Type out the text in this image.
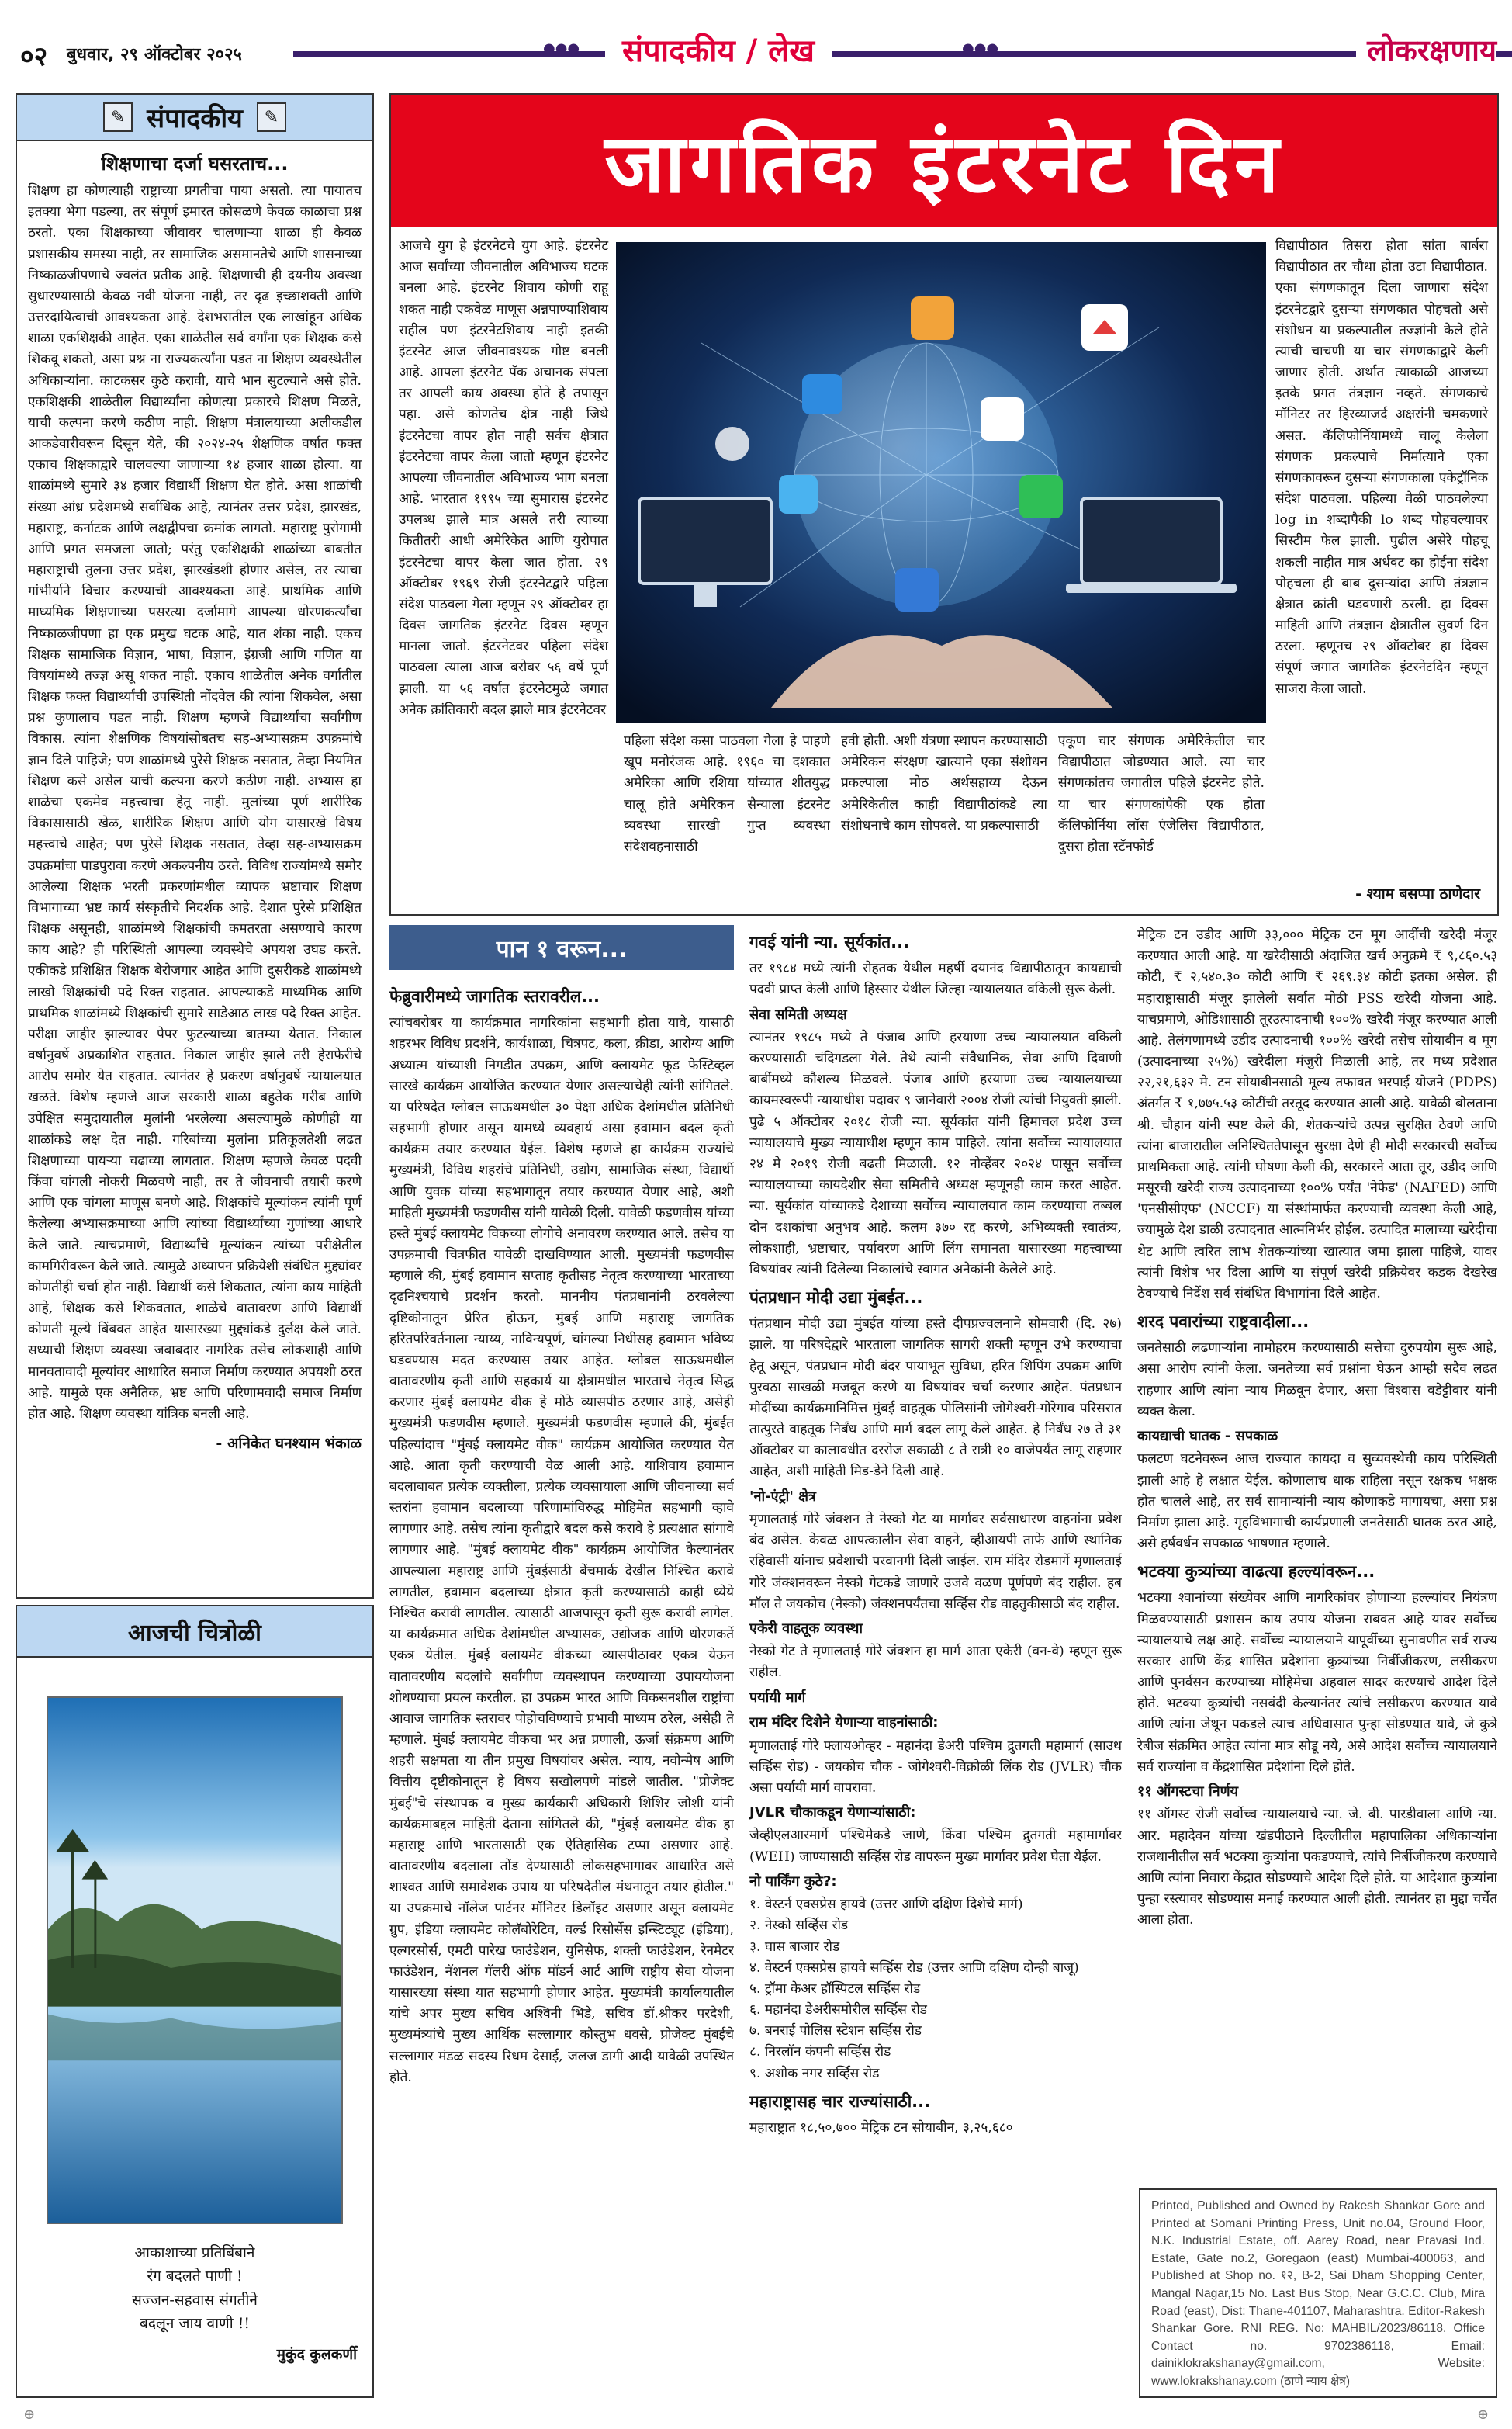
०२ बुधवार, २९ ऑक्टोबर २०२५	●●●	●●●
संपादकीय / लेख	लोकरक्षणाय
✎ संपादकीय	✎
शिक्षणाचा दर्जा घसरताच...
शिक्षण हा कोणत्याही राष्ट्राच्या प्रगतीचा पाया असतो. त्या पायातच इतक्या भेगा पडल्या, तर संपूर्ण इमारत कोसळणे केवळ काळाचा प्रश्न ठरतो. एका शिक्षकाच्या जीवावर चालणाऱ्या शाळा ही केवळ प्रशासकीय समस्या नाही, तर सामाजिक असमानतेचे आणि शासनाच्या निष्काळजीपणाचे ज्वलंत प्रतीक आहे. शिक्षणाची ही दयनीय अवस्था सुधारण्यासाठी केवळ नवी योजना नाही, तर दृढ इच्छाशक्ती आणि उत्तरदायित्वाची आवश्यकता आहे. देशभरातील एक लाखांहून अधिक शाळा एकशिक्षकी आहेत. एका शाळेतील सर्व वर्गांना एक शिक्षक कसे शिकवू शकतो, असा प्रश्न ना राज्यकर्त्यांना पडत ना शिक्षण व्यवस्थेतील अधिकाऱ्यांना. काटकसर कुठे करावी, याचे भान सुटल्याने असे होते. एकशिक्षकी शाळेतील विद्यार्थ्यांना कोणत्या प्रकारचे शिक्षण मिळते, याची कल्पना करणे कठीण नाही. शिक्षण मंत्रालयाच्या अलीकडील आकडेवारीवरून दिसून येते, की २०२४-२५ शैक्षणिक वर्षात फक्त एकाच शिक्षकाद्वारे चालवल्या जाणाऱ्या १४ हजार शाळा होत्या. या शाळांमध्ये सुमारे ३४ हजार विद्यार्थी शिक्षण घेत होते. असा शाळांची संख्या आंध्र प्रदेशमध्ये सर्वाधिक आहे, त्यानंतर उत्तर प्रदेश, झारखंड, महाराष्ट्र, कर्नाटक आणि लक्षद्वीपचा क्रमांक लागतो. महाराष्ट्र पुरोगामी आणि प्रगत समजला जातो; परंतु एकशिक्षकी शाळांच्या बाबतीत महाराष्ट्राची तुलना उत्तर प्रदेश, झारखंडशी होणार असेल, तर त्याचा गांभीर्याने विचार करण्याची आवश्यकता आहे. प्राथमिक आणि माध्यमिक शिक्षणाच्या पसरत्या दर्जामागे आपल्या धोरणकर्त्यांचा निष्काळजीपणा हा एक प्रमुख घटक आहे, यात शंका नाही. एकच शिक्षक सामाजिक विज्ञान, भाषा, विज्ञान, इंग्रजी आणि गणित या विषयांमध्ये तज्ज्ञ असू शकत नाही. एकाच शाळेतील अनेक वर्गातील शिक्षक फक्त विद्यार्थ्यांची उपस्थिती नोंदवेल की त्यांना शिकवेल, असा प्रश्न कुणालाच पडत नाही. शिक्षण म्हणजे विद्यार्थ्यांचा सर्वांगीण विकास. त्यांना शैक्षणिक विषयांसोबतच सह-अभ्यासक्रम उपक्रमांचे ज्ञान दिले पाहिजे; पण शाळांमध्ये पुरेसे शिक्षक नसतात, तेव्हा नियमित शिक्षण कसे असेल याची कल्पना करणे कठीण नाही. अभ्यास हा शाळेचा एकमेव महत्त्वाचा हेतू नाही. मुलांच्या पूर्ण शारीरिक विकासासाठी खेळ, शारीरिक शिक्षण आणि योग यासारखे विषय महत्त्वाचे आहेत; पण पुरेसे शिक्षक नसतात, तेव्हा सह-अभ्यासक्रम उपक्रमांचा पाडपुरावा करणे अकल्पनीय ठरते. विविध राज्यांमध्ये समोर आलेल्या शिक्षक भरती प्रकरणांमधील व्यापक भ्रष्टाचार शिक्षण विभागाच्या भ्रष्ट कार्य संस्कृतीचे निदर्शक आहे. देशात पुरेसे प्रशिक्षित शिक्षक असूनही, शाळांमध्ये शिक्षकांची कमतरता असण्याचे कारण काय आहे? ही परिस्थिती आपल्या व्यवस्थेचे अपयश उघड करते. एकीकडे प्रशिक्षित शिक्षक बेरोजगार आहेत आणि दुसरीकडे शाळांमध्ये लाखो शिक्षकांची पदे रिक्त राहतात. आपल्याकडे माध्यमिक आणि प्राथमिक शाळांमध्ये शिक्षकांची सुमारे साडेआठ लाख पदे रिक्त आहेत. परीक्षा जाहीर झाल्यावर पेपर फुटल्याच्या बातम्या येतात. निकाल वर्षानुवर्षे अप्रकाशित राहतात. निकाल जाहीर झाले तरी हेराफेरीचे आरोप समोर येत राहतात. त्यानंतर हे प्रकरण वर्षानुवर्षे न्यायालयात खळते. विशेष म्हणजे आज सरकारी शाळा बहुतेक गरीब आणि उपेक्षित समुदायातील मुलांनी भरलेल्या असल्यामुळे कोणीही या शाळांकडे लक्ष देत नाही. गरिबांच्या मुलांना प्रतिकूलतेशी लढत शिक्षणाच्या पायऱ्या चढाव्या लागतात. शिक्षण म्हणजे केवळ पदवी किंवा चांगली नोकरी मिळवणे नाही, तर ते जीवनाची तयारी करणे आणि एक चांगला माणूस बनणे आहे. शिक्षकांचे मूल्यांकन त्यांनी पूर्ण केलेल्या अभ्यासक्रमाच्या आणि त्यांच्या विद्यार्थ्यांच्या गुणांच्या आधारे केले जाते. त्याचप्रमाणे, विद्यार्थ्यांचे मूल्यांकन त्यांच्या परीक्षेतील कामगिरीवरून केले जाते. त्यामुळे अध्यापन प्रक्रियेशी संबंधित मुद्द्यांवर कोणतीही चर्चा होत नाही. विद्यार्थी कसे शिकतात, त्यांना काय माहिती आहे, शिक्षक कसे शिकवतात, शाळेचे वातावरण आणि विद्यार्थी कोणती मूल्ये बिंबवत आहेत यासारख्या मुद्द्यांकडे दुर्लक्ष केले जाते. सध्याची शिक्षण व्यवस्था जबाबदार नागरिक तसेच लोकशाही आणि मानवतावादी मूल्यांवर आधारित समाज निर्माण करण्यात अपयशी ठरत आहे. यामुळे एक अनैतिक, भ्रष्ट आणि परिणामवादी समाज निर्माण होत आहे. शिक्षण व्यवस्था यांत्रिक बनली आहे.
- अनिकेत घनश्याम भंकाळ
आजची चित्रोळी
आकाशाच्या प्रतिबिंबाने
रंग बदलते पाणी !
सज्जन-सहवास संगतीने
बदलून जाय वाणी !!
मुकुंद कुलकर्णी
जागतिक इंटरनेट दिन
आजचे युग हे इंटरनेटचे युग आहे. इंटरनेट आज सर्वांच्या जीवनातील अविभाज्य घटक बनला आहे. इंटरनेट शिवाय कोणी राहू शकत नाही एकवेळ माणूस अन्नपाण्याशिवाय राहील पण इंटरनेटशिवाय नाही इतकी इंटरनेट आज जीवनावश्यक गोष्ट बनली आहे. आपला इंटरनेट पॅक अचानक संपला तर आपली काय अवस्था होते हे तपासून पहा. असे कोणतेच क्षेत्र नाही जिथे इंटरनेटचा वापर होत नाही सर्वच क्षेत्रात इंटरनेटचा वापर केला जातो म्हणून इंटरनेट आपल्या जीवनातील अविभाज्य भाग बनला आहे. भारतात १९९५ च्या सुमारास इंटरनेट उपलब्ध झाले मात्र असले तरी त्याच्या कितीतरी आधी अमेरिकेत आणि युरोपात इंटरनेटचा वापर केला जात होता. २९ ऑक्टोबर १९६९ रोजी इंटरनेटद्वारे पहिला संदेश पाठवला गेला म्हणून २९ ऑक्टोबर हा दिवस जागतिक इंटरनेट दिवस म्हणून मानला जातो. इंटरनेटवर पहिला संदेश पाठवला त्याला आज बरोबर ५६ वर्षे पूर्ण झाली. या ५६ वर्षात इंटरनेटमुळे जगात अनेक क्रांतिकारी बदल झाले मात्र इंटरनेटवर
विद्यापीठात तिसरा होता सांता बार्बरा विद्यापीठात तर चौथा होता उटा विद्यापीठात. एका संगणकातून दिला जाणारा संदेश इंटरनेटद्वारे दुसऱ्या संगणकात पोहचतो असे संशोधन या प्रकल्पातील तज्ज्ञांनी केले होते त्याची चाचणी या चार संगणकाद्वारे केली जाणार होती. अर्थात त्याकाळी आजच्या इतके प्रगत तंत्रज्ञान नव्हते. संगणकाचे मॉनिटर तर हिरव्याजर्द अक्षरांनी चमकणारे असत. कॅलिफोर्नियामध्ये चालू केलेला संगणक प्रकल्पाचे निर्मात्याने एका संगणकावरून दुसऱ्या संगणकाला एकेट्रॉनिक संदेश पाठवला. पहिल्या वेळी पाठवलेल्या log in शब्दापैकी lo शब्द पोहचल्यावर सिस्टीम फेल झाली. पुढील असेरे पोहचू शकली नाहीत मात्र अर्धवट का होईना संदेश पोहचला ही बाब दुसऱ्यांदा आणि तंत्रज्ञान क्षेत्रात क्रांती घडवणारी ठरली. हा दिवस माहिती आणि तंत्रज्ञान क्षेत्रातील सुवर्ण दिन ठरला. म्हणूनच २९ ऑक्टोबर हा दिवस संपूर्ण जगात जागतिक इंटरनेटदिन म्हणून साजरा केला जातो.
पहिला संदेश कसा पाठवला गेला हे पाहणे खूप मनोरंजक आहे. १९६० चा दशकात अमेरिका आणि रशिया यांच्यात शीतयुद्ध चालू होते अमेरिकन सैन्याला इंटरनेट व्यवस्था सारखी गुप्त व्यवस्था संदेशवहनासाठी
हवी होती. अशी यंत्रणा स्थापन करण्यासाठी अमेरिकन संरक्षण खात्याने एका संशोधन प्रकल्पाला मोठ अर्थसहाय्य देऊन अमेरिकेतील काही विद्यापीठांकडे त्या संशोधनाचे काम सोपवले. या प्रकल्पासाठी
एकूण चार संगणक अमेरिकेतील चार विद्यापीठात जोडण्यात आले. त्या चार संगणकांतच जगातील पहिले इंटरनेट होते. या चार संगणकांपैकी एक होता कॅलिफोर्निया लॉस एंजेलिस विद्यापीठात, दुसरा होता स्टॅनफोर्ड
- श्याम बसप्पा ठाणेदार
पान १ वरून...
फेब्रुवारीमध्ये जागतिक स्तरावरील...

त्यांचबरोबर या कार्यक्रमात नागरिकांना सहभागी होता यावे, यासाठी शहरभर विविध प्रदर्शने, कार्यशाळा, चित्रपट, कला, क्रीडा, आरोग्य आणि अध्यात्म यांच्याशी निगडीत उपक्रम, आणि क्लायमेट फूड फेस्टिव्हल सारखे कार्यक्रम आयोजित करण्यात येणार असल्याचेही त्यांनी सांगितले. या परिषदेत ग्लोबल साऊथमधील ३० पेक्षा अधिक देशांमधील प्रतिनिधी सहभागी होणार असून यामध्ये व्यवहार्य असा हवामान बदल कृती कार्यक्रम तयार करण्यात येईल. विशेष म्हणजे हा कार्यक्रम राज्यांचे मुख्यमंत्री, विविध शहरांचे प्रतिनिधी, उद्योग, सामाजिक संस्था, विद्यार्थी आणि युवक यांच्या सहभागातून तयार करण्यात येणार आहे, अशी माहिती मुख्यमंत्री फडणवीस यांनी यावेळी दिली. यावेळी फडणवीस यांच्या हस्ते मुंबई क्लायमेट विकच्या लोगोचे अनावरण करण्यात आले. तसेच या उपक्रमाची चित्रफीत यावेळी दाखविण्यात आली. मुख्यमंत्री फडणवीस म्हणाले की, मुंबई हवामान सप्ताह कृतीसह नेतृत्व करण्याच्या भारताच्या दृढनिश्चयाचे प्रदर्शन करतो. माननीय पंतप्रधानांनी ठरवलेल्या दृष्टिकोनातून प्रेरित होऊन, मुंबई आणि महाराष्ट्र जागतिक हरितपरिवर्तनाला न्याय्य, नाविन्यपूर्ण, चांगल्या निधीसह हवामान भविष्य घडवण्यास मदत करण्यास तयार आहेत. ग्लोबल साऊथमधील वातावरणीय कृती आणि सहकार्य या क्षेत्रामधील भारताचे नेतृत्व सिद्ध करणार मुंबई क्लायमेट वीक हे मोठे व्यासपीठ ठरणार आहे, असेही मुख्यमंत्री फडणवीस म्हणाले. मुख्यमंत्री फडणवीस म्हणाले की, मुंबईत पहिल्यांदाच "मुंबई क्लायमेट वीक" कार्यक्रम आयोजित करण्यात येत आहे. आता कृती करण्याची वेळ आली आहे. याशिवाय हवामान बदलाबाबत प्रत्येक व्यक्तीला, प्रत्येक व्यवसायाला आणि जीवनाच्या सर्व स्तरांना हवामान बदलाच्या परिणामांविरुद्ध मोहिमेत सहभागी व्हावे लागणार आहे. तसेच त्यांना कृतीद्वारे बदल कसे करावे हे प्रत्यक्षात सांगावे लागणार आहे. "मुंबई क्लायमेट वीक" कार्यक्रम आयोजित केल्यानंतर आपल्याला महाराष्ट्र आणि मुंबईसाठी बेंचमार्क देखील निश्चित करावे लागतील, हवामान बदलाच्या क्षेत्रात कृती करण्यासाठी काही ध्येये निश्चित करावी लागतील. त्यासाठी आजपासून कृती सुरू करावी लागेल. या कार्यक्रमात अधिक देशांमधील अभ्यासक, उद्योजक आणि धोरणकर्ते एकत्र येतील. मुंबई क्लायमेट वीकच्या व्यासपीठावर एकत्र येऊन वातावरणीय बदलांचे सर्वांगीण व्यवस्थापन करण्याच्या उपाययोजना शोधण्याचा प्रयत्न करतील. हा उपक्रम भारत आणि विकसनशील राष्ट्रांचा आवाज जागतिक स्तरावर पोहोचविण्याचे प्रभावी माध्यम ठरेल, असेही ते म्हणाले. मुंबई क्लायमेट वीकचा भर अन्न प्रणाली, ऊर्जा संक्रमण आणि शहरी सक्षमता या तीन प्रमुख विषयांवर असेल. न्याय, नवोन्मेष आणि वित्तीय दृष्टीकोनातून हे विषय सखोलपणे मांडले जातील. "प्रोजेक्ट मुंबई"चे संस्थापक व मुख्य कार्यकारी अधिकारी शिशिर जोशी यांनी कार्यक्रमाबद्दल माहिती देताना सांगितले की, "मुंबई क्लायमेट वीक हा महाराष्ट्र आणि भारतासाठी एक ऐतिहासिक टप्पा असणार आहे. वातावरणीय बदलाला तोंड देण्यासाठी लोकसहभागावर आधारित असे शाश्वत आणि समावेशक उपाय या परिषदेतील मंथनातून तयार होतील." या उपक्रमाचे नॉलेज पार्टनर मॉनिटर डिलॉइट असणार असून क्लायमेट ग्रुप, इंडिया क्लायमेट कोलॅबोरेटिव, वर्ल्ड रिसोर्सेस इन्स्टिट्यूट (इंडिया), एल्गरसोर्स, एमटी पारेख फाउंडेशन, युनिसेफ, शक्ती फाउंडेशन, रेनमेटर फाउंडेशन, नॅशनल गॅलरी ऑफ मॉडर्न आर्ट आणि राष्ट्रीय सेवा योजना यासारख्या संस्था यात सहभागी होणार आहेत. मुख्यमंत्री कार्यालयातील यांचे अपर मुख्य सचिव अश्विनी भिडे, सचिव डॉ.श्रीकर परदेशी, मुख्यमंत्र्यांचे मुख्य आर्थिक सल्लागार कौस्तुभ धवसे, प्रोजेक्ट मुंबईचे सल्लागार मंडळ सदस्य रिधम देसाई, जलज डागी आदी यावेळी उपस्थित होते.

गवई यांनी न्या. सूर्यकांत...

तर १९८४ मध्ये त्यांनी रोहतक येथील महर्षी दयानंद विद्यापीठातून कायद्याची पदवी प्राप्त केली आणि हिस्सार येथील जिल्हा न्यायालयात वकिली सुरू केली.

सेवा समिती अध्यक्ष

त्यानंतर १९८५ मध्ये ते पंजाब आणि हरयाणा उच्च न्यायालयात वकिली करण्यासाठी चंदिगडला गेले. तेथे त्यांनी संवैधानिक, सेवा आणि दिवाणी बाबींमध्ये कौशल्य मिळवले. पंजाब आणि हरयाणा उच्च न्यायालयाच्या कायमस्वरूपी न्यायाधीश पदावर ९ जानेवारी २००४ रोजी त्यांची नियुक्ती झाली. पुढे ५ ऑक्टोबर २०१८ रोजी न्या. सूर्यकांत यांनी हिमाचल प्रदेश उच्च न्यायालयाचे मुख्य न्यायाधीश म्हणून काम पाहिले. त्यांना सर्वोच्च न्यायालयात २४ मे २०१९ रोजी बढती मिळाली. १२ नोव्हेंबर २०२४ पासून सर्वोच्च न्यायालयाच्या कायदेशीर सेवा समितीचे अध्यक्ष म्हणूनही काम करत आहेत. न्या. सूर्यकांत यांच्याकडे देशाच्या सर्वोच्च न्यायालयात काम करण्याचा तब्बल दोन दशकांचा अनुभव आहे. कलम ३७० रद्द करणे, अभिव्यक्ती स्वातंत्र्य, लोकशाही, भ्रष्टाचार, पर्यावरण आणि लिंग समानता यासारख्या महत्त्वाच्या विषयांवर त्यांनी दिलेल्या निकालांचे स्वागत अनेकांनी केलेले आहे.

पंतप्रधान मोदी उद्या मुंबईत...

पंतप्रधान मोदी उद्या मुंबईत यांच्या हस्ते दीपप्रज्वलनाने सोमवारी (दि. २७) झाले. या परिषदेद्वारे भारताला जागतिक सागरी शक्ती म्हणून उभे करण्याचा हेतू असून, पंतप्रधान मोदी बंदर पायाभूत सुविधा, हरित शिपिंग उपक्रम आणि पुरवठा साखळी मजबूत करणे या विषयांवर चर्चा करणार आहेत. पंतप्रधान मोदींच्या कार्यक्रमानिमित्त मुंबई वाहतूक पोलिसांनी जोगेश्वरी-गोरेगाव परिसरात तात्पुरते वाहतूक निर्बंध आणि मार्ग बदल लागू केले आहेत. हे निर्बंध २७ ते ३१ ऑक्टोबर या कालावधीत दररोज सकाळी ८ ते रात्री १० वाजेपर्यंत लागू राहणार आहेत, अशी माहिती मिड-डेने दिली आहे.

'नो-एंट्री' क्षेत्र

मृणालताई गोरे जंक्शन ते नेस्को गेट या मार्गावर सर्वसाधारण वाहनांना प्रवेश बंद असेल. केवळ आपत्कालीन सेवा वाहने, व्हीआयपी ताफे आणि स्थानिक रहिवासी यांनाच प्रवेशाची परवानगी दिली जाईल. राम मंदिर रोडमार्गे मृणालताई गोरे जंक्शनवरून नेस्को गेटकडे जाणारे उजवे वळण पूर्णपणे बंद राहील. हब मॉल ते जयकोच (नेस्को) जंक्शनपर्यंतचा सर्व्हिस रोड वाहतुकीसाठी बंद राहील.

एकेरी वाहतूक व्यवस्था

नेस्को गेट ते मृणालताई गोरे जंक्शन हा मार्ग आता एकेरी (वन-वे) म्हणून सुरू राहील.

पर्यायी मार्ग
राम मंदिर दिशेने येणाऱ्या वाहनांसाठी:

मृणालताई गोरे फ्लायओव्हर - महानंदा डेअरी पश्चिम द्रुतगती महामार्ग (साउथ सर्व्हिस रोड) - जयकोच चौक - जोगेश्वरी-विक्रोळी लिंक रोड (JVLR) चौक असा पर्यायी मार्ग वापरावा.

JVLR चौकाकडून येणाऱ्यांसाठी:

जेव्हीएलआरमार्गे पश्चिमेकडे जाणे, किंवा पश्चिम द्रुतगती महामार्गावर (WEH) जाण्यासाठी सर्व्हिस रोड वापरून मुख्य मार्गावर प्रवेश घेता येईल.

नो पार्किंग कुठे?:
१. वेस्टर्न एक्सप्रेस हायवे (उत्तर आणि दक्षिण दिशेचे मार्ग)
२. नेस्को सर्व्हिस रोड
३. घास बाजार रोड
४. वेस्टर्न एक्सप्रेस हायवे सर्व्हिस रोड (उत्तर आणि दक्षिण दोन्ही बाजू)
५. ट्रॉमा केअर हॉस्पिटल सर्व्हिस रोड
६. महानंदा डेअरीसमोरील सर्व्हिस रोड
७. बनराई पोलिस स्टेशन सर्व्हिस रोड
८. निरलॉन कंपनी सर्व्हिस रोड
९. अशोक नगर सर्व्हिस रोड
महाराष्ट्रासह चार राज्यांसाठी...

महाराष्ट्रात १८,५०,७०० मेट्रिक टन सोयाबीन, ३,२५,६८०

मेट्रिक टन उडीद आणि ३३,००० मेट्रिक टन मूग आदींची खरेदी मंजूर करण्यात आली आहे. या खरेदीसाठी अंदाजित खर्च अनुक्रमे ₹ ९,८६०.५३ कोटी, ₹ २,५४०.३० कोटी आणि ₹ २६९.३४ कोटी इतका असेल. ही महाराष्ट्रासाठी मंजूर झालेली सर्वात मोठी PSS खरेदी योजना आहे. याचप्रमाणे, ओडिशासाठी तूरउत्पादनाची १००% खरेदी मंजूर करण्यात आली आहे. तेलंगणामध्ये उडीद उत्पादनाची १००% खरेदी तसेच सोयाबीन व मूग (उत्पादनाच्या २५%) खरेदीला मंजुरी मिळाली आहे, तर मध्य प्रदेशात २२,२१,६३२ मे. टन सोयाबीनसाठी मूल्य तफावत भरपाई योजने (PDPS) अंतर्गत ₹ १,७७५.५३ कोटींची तरतूद करण्यात आली आहे. यावेळी बोलताना श्री. चौहान यांनी स्पष्ट केले की, शेतकऱ्यांचे उत्पन्न सुरक्षित ठेवणे आणि त्यांना बाजारातील अनिश्चिततेपासून सुरक्षा देणे ही मोदी सरकारची सर्वोच्च प्राथमिकता आहे. त्यांनी घोषणा केली की, सरकारने आता तूर, उडीद आणि मसूरची खरेदी राज्य उत्पादनाच्या १००% पर्यंत 'नेफेड' (NAFED) आणि 'एनसीसीएफ' (NCCF) या संस्थांमार्फत करण्याची व्यवस्था केली आहे, ज्यामुळे देश डाळी उत्पादनात आत्मनिर्भर होईल. उत्पादित मालाच्या खरेदीचा थेट आणि त्वरित लाभ शेतकऱ्यांच्या खात्यात जमा झाला पाहिजे, यावर त्यांनी विशेष भर दिला आणि या संपूर्ण खरेदी प्रक्रियेवर कडक देखरेख ठेवण्याचे निर्देश सर्व संबंधित विभागांना दिले आहेत.

शरद पवारांच्या राष्ट्रवादीला...

जनतेसाठी लढणाऱ्यांना नामोहरम करण्यासाठी सत्तेचा दुरुपयोग सुरू आहे, असा आरोप त्यांनी केला. जनतेच्या सर्व प्रश्नांना घेऊन आम्ही सदैव लढत राहणार आणि त्यांना न्याय मिळवून देणार, असा विश्वास वडेट्टीवार यांनी व्यक्त केला.

कायद्याची घातक - सपकाळ

फलटण घटनेवरून आज राज्यात कायदा व सुव्यवस्थेची काय परिस्थिती झाली आहे हे लक्षात येईल. कोणालाच धाक राहिला नसून रक्षकच भक्षक होत चालले आहे, तर सर्व सामान्यांनी न्याय कोणाकडे मागायचा, असा प्रश्न निर्माण झाला आहे. गृहविभागाची कार्यप्रणाली जनतेसाठी घातक ठरत आहे, असे हर्षवर्धन सपकाळ भाषणात म्हणाले.

भटक्या कुत्र्यांच्या वाढत्या हल्ल्यांवरून...

भटक्या श्वानांच्या संख्येवर आणि नागरिकांवर होणाऱ्या हल्ल्यांवर नियंत्रण मिळवण्यासाठी प्रशासन काय उपाय योजना राबवत आहे यावर सर्वोच्च न्यायालयाचे लक्ष आहे. सर्वोच्च न्यायालयाने यापूर्वीच्या सुनावणीत सर्व राज्य सरकार आणि केंद्र शासित प्रदेशांना कुत्र्यांच्या निर्बीजीकरण, लसीकरण आणि पुनर्वसन करण्याच्या मोहिमेचा अहवाल सादर करण्याचे आदेश दिले होते. भटक्या कुत्र्यांची नसबंदी केल्यानंतर त्यांचे लसीकरण करण्यात यावे आणि त्यांना जेथून पकडले त्याच अधिवासात पुन्हा सोडण्यात यावे, जे कुत्रे रेबीज संक्रमित आहेत त्यांना मात्र सोडू नये, असे आदेश सर्वोच्च न्यायालयाने सर्व राज्यांना व केंद्रशासित प्रदेशांना दिले होते.

११ ऑगस्टचा निर्णय

११ ऑगस्ट रोजी सर्वोच्च न्यायालयाचे न्या. जे. बी. पारडीवाला आणि न्या. आर. महादेवन यांच्या खंडपीठाने दिल्लीतील महापालिका अधिकाऱ्यांना राजधानीतील सर्व भटक्या कुत्र्यांना पकडण्याचे, त्यांचे निर्बीजीकरण करण्याचे आणि त्यांना निवारा केंद्रात सोडण्याचे आदेश दिले होते. या आदेशात कुत्र्यांना पुन्हा रस्त्यावर सोडण्यास मनाई करण्यात आली होती. त्यानंतर हा मुद्दा चर्चेत आला होता.

Printed, Published and Owned by Rakesh Shankar Gore and Printed at Somani Printing Press, Unit no.04, Ground Floor, N.K. Industrial Estate, off. Aarey Road, near Pravasi Ind. Estate, Gate no.2, Goregaon (east) Mumbai-400063, and Published at Shop no. १२, B-2, Sai Dham Shopping Center, Mangal Nagar,15 No. Last Bus Stop, Near G.C.C. Club, Mira Road (east), Dist: Thane-401107, Maharashtra. Editor-Rakesh Shankar Gore. RNI REG. No: MAHBIL/2023/86118. Office Contact no. 9702386118, Email: dainiklokrakshanay@gmail.com, Website: www.lokrakshanay.com (ठाणे न्याय क्षेत्र)
⊕	⊕
